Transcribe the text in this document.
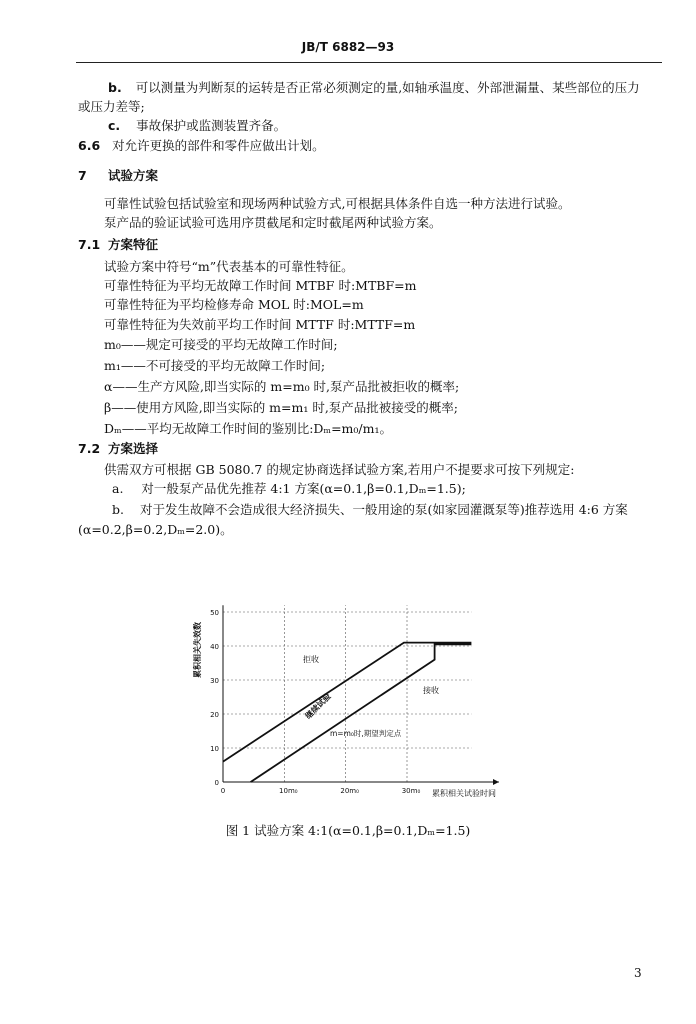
JB/T 6882—93
b. 可以测量为判断泵的运转是否正常必须测定的量,如轴承温度、外部泄漏量、某些部位的压力
或压力差等;
c. 事故保护或监测装置齐备。
6.6 对允许更换的部件和零件应做出计划。
7 试验方案
可靠性试验包括试验室和现场两种试验方式,可根据具体条件自选一种方法进行试验。
泵产品的验证试验可选用序贯截尾和定时截尾两种试验方案。
7.1 方案特征
试验方案中符号“m”代表基本的可靠性特征。
可靠性特征为平均无故障工作时间 MTBF 时:MTBF=m
可靠性特征为平均检修寿命 MOL 时:MOL=m
可靠性特征为失效前平均工作时间 MTTF 时:MTTF=m
m₀——规定可接受的平均无故障工作时间;
m₁——不可接受的平均无故障工作时间;
α——生产方风险,即当实际的 m=m₀ 时,泵产品批被拒收的概率;
β——使用方风险,即当实际的 m=m₁ 时,泵产品批被接受的概率;
Dₘ——平均无故障工作时间的鉴别比:Dₘ=m₀/m₁。
7.2 方案选择
供需双方可根据 GB 5080.7 的规定协商选择试验方案,若用户不提要求可按下列规定:
a. 对一般泵产品优先推荐 4:1 方案(α=0.1,β=0.1,Dₘ=1.5);
b. 对于发生故障不会造成很大经济损失、一般用途的泵(如家园灌溉泵等)推荐选用 4:6 方案
(α=0.2,β=0.2,Dₘ=2.0)。
0
10
20
30
40
50
0	10m₀	20m₀	30m₀
累积相关失效数
累积相关试验时间
拒收
接收
继续试验
m=m₀时,期望判定点
图 1 试验方案 4:1(α=0.1,β=0.1,Dₘ=1.5)
3
